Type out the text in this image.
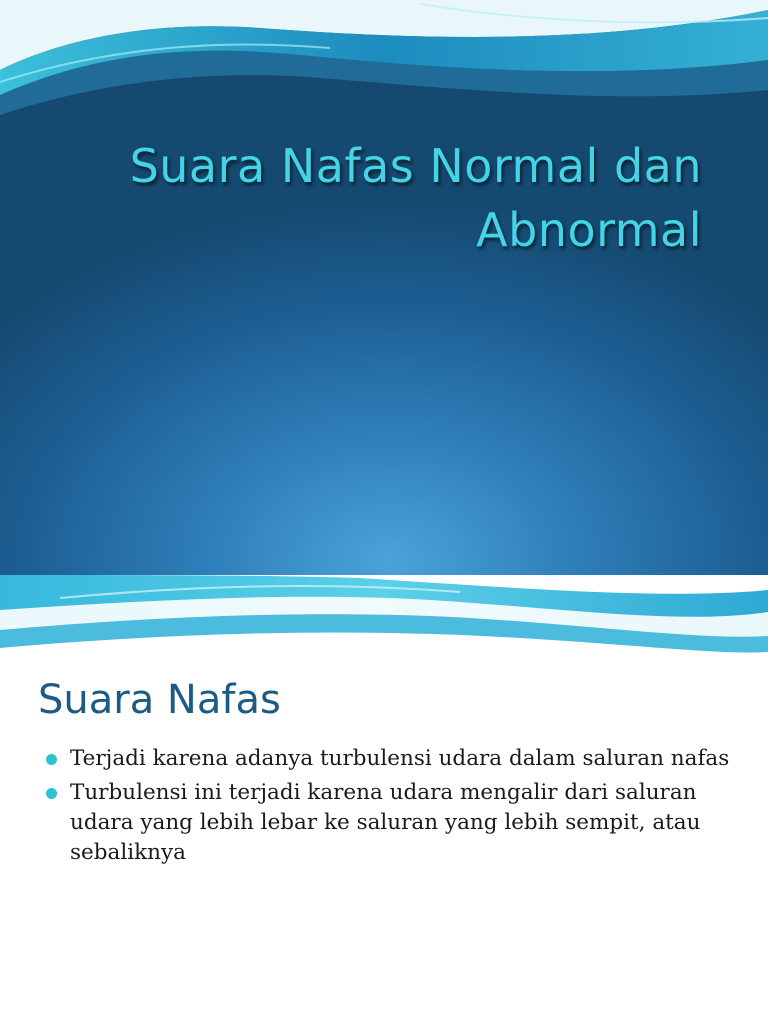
Suara Nafas Normal dan
Abnormal
Suara Nafas
Terjadi karena adanya turbulensi udara dalam saluran nafas
Turbulensi ini terjadi karena udara mengalir dari saluran udara yang lebih lebar ke saluran yang lebih sempit, atau sebaliknya
